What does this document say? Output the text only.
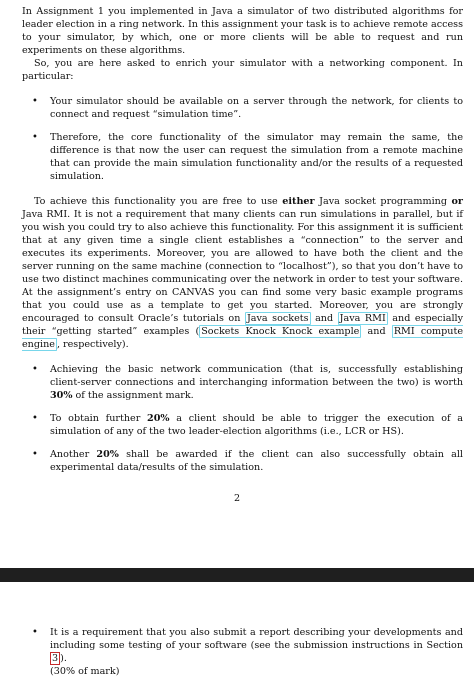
In Assignment 1 you implemented in Java a simulator of two distributed algorithms for leader election in a ring network. In this assignment your task is to achieve remote access to your simulator, by which, one or more clients will be able to request and run experiments on these algorithms.

So, you are here asked to enrich your simulator with a networking component. In particular:

• Your simulator should be available on a server through the network, for clients to connect and request “simulation time”.
• Therefore, the core functionality of the simulator may remain the same, the difference is that now the user can request the simulation from a remote machine that can provide the main simulation functionality and/or the results of a requested simulation.

To achieve this functionality you are free to use either Java socket programming or Java RMI. It is not a requirement that many clients can run simulations in parallel, but if you wish you could try to also achieve this functionality. For this assignment it is sufficient that at any given time a single client establishes a “connection” to the server and executes its experiments. Moreover, you are allowed to have both the client and the server running on the same machine (connection to “localhost”), so that you don’t have to use two distinct machines communicating over the network in order to test your software. At the assignment’s entry on CANVAS you can find some very basic example programs that you could use as a template to get you started. Moreover, you are strongly encouraged to consult Oracle’s tutorials on Java sockets and Java RMI and especially their “getting started” examples ( Sockets Knock Knock example and RMI compute engine , respectively).

• Achieving the basic network communication (that is, successfully establishing client-server connections and interchanging information between the two) is worth 30% of the assignment mark.
• To obtain further 20% a client should be able to trigger the execution of a simulation of any of the two leader-election algorithms (i.e., LCR or HS).
• Another 20% shall be awarded if the client can also successfully obtain all experimental data/results of the simulation.
2
• It is a requirement that you also submit a report describing your developments and including some testing of your software (see the submission instructions in Section 3 ).
(30% of mark)
